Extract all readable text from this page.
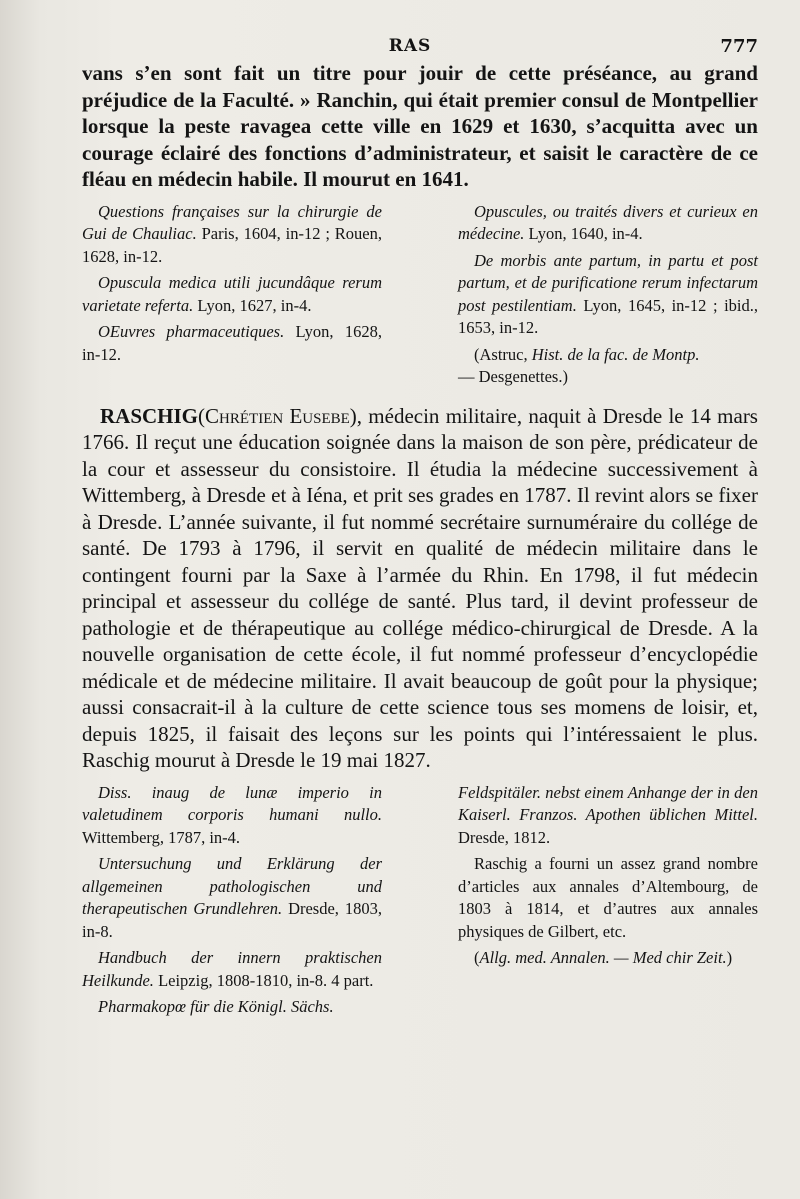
RAS	777

vans s’en sont fait un titre pour jouir de cette préséance, au grand préjudice de la Faculté. » Ranchin, qui était premier consul de Montpellier lorsque la peste ravagea cette ville en 1629 et 1630, s’acquitta avec un courage éclairé des fonctions d’administrateur, et saisit le caractère de ce fléau en médecin habile. Il mourut en 1641.

Questions françaises sur la chirurgie de Gui de Chauliac. Paris, 1604, in-12 ; Rouen, 1628, in-12.

Opuscula medica utili jucundâque rerum varietate referta. Lyon, 1627, in-4.

OEuvres pharmaceutiques. Lyon, 1628, in-12.

Opuscules, ou traités divers et curieux en médecine. Lyon, 1640, in-4.

De morbis ante partum, in partu et post partum, et de purificatione rerum infectarum post pestilentiam. Lyon, 1645, in-12 ; ibid., 1653, in-12.

(Astruc, Hist. de la fac. de Montp.
— Desgenettes.)

RASCHIG(Chrétien Eusebe), médecin militaire, naquit à Dresde le 14 mars 1766. Il reçut une éducation soignée dans la maison de son père, prédicateur de la cour et assesseur du consistoire. Il étudia la médecine successivement à Wittemberg, à Dresde et à Iéna, et prit ses grades en 1787. Il revint alors se fixer à Dresde. L’année suivante, il fut nommé secrétaire surnuméraire du collége de santé. De 1793 à 1796, il servit en qualité de médecin militaire dans le contingent fourni par la Saxe à l’armée du Rhin. En 1798, il fut médecin principal et assesseur du collége de santé. Plus tard, il devint professeur de pathologie et de thérapeutique au collége médico-chirurgical de Dresde. A la nouvelle organisation de cette école, il fut nommé professeur d’encyclopédie médicale et de médecine militaire. Il avait beaucoup de goût pour la physique; aussi consacrait-il à la culture de cette science tous ses momens de loisir, et, depuis 1825, il faisait des leçons sur les points qui l’intéressaient le plus. Raschig mourut à Dresde le 19 mai 1827.

Diss. inaug de lunæ imperio in valetudinem corporis humani nullo. Wittemberg, 1787, in-4.

Untersuchung und Erklärung der allgemeinen pathologischen und therapeutischen Grundlehren. Dresde, 1803, in-8.

Handbuch der innern praktischen Heilkunde. Leipzig, 1808-1810, in-8. 4 part.

Pharmakopœ für die Königl. Sächs.

Feldspitäler. nebst einem Anhange der in den Kaiserl. Franzos. Apothen üblichen Mittel. Dresde, 1812.

Raschig a fourni un assez grand nombre d’articles aux annales d’Altembourg, de 1803 à 1814, et d’autres aux annales physiques de Gilbert, etc.

(Allg. med. Annalen. — Med chir Zeit.)
